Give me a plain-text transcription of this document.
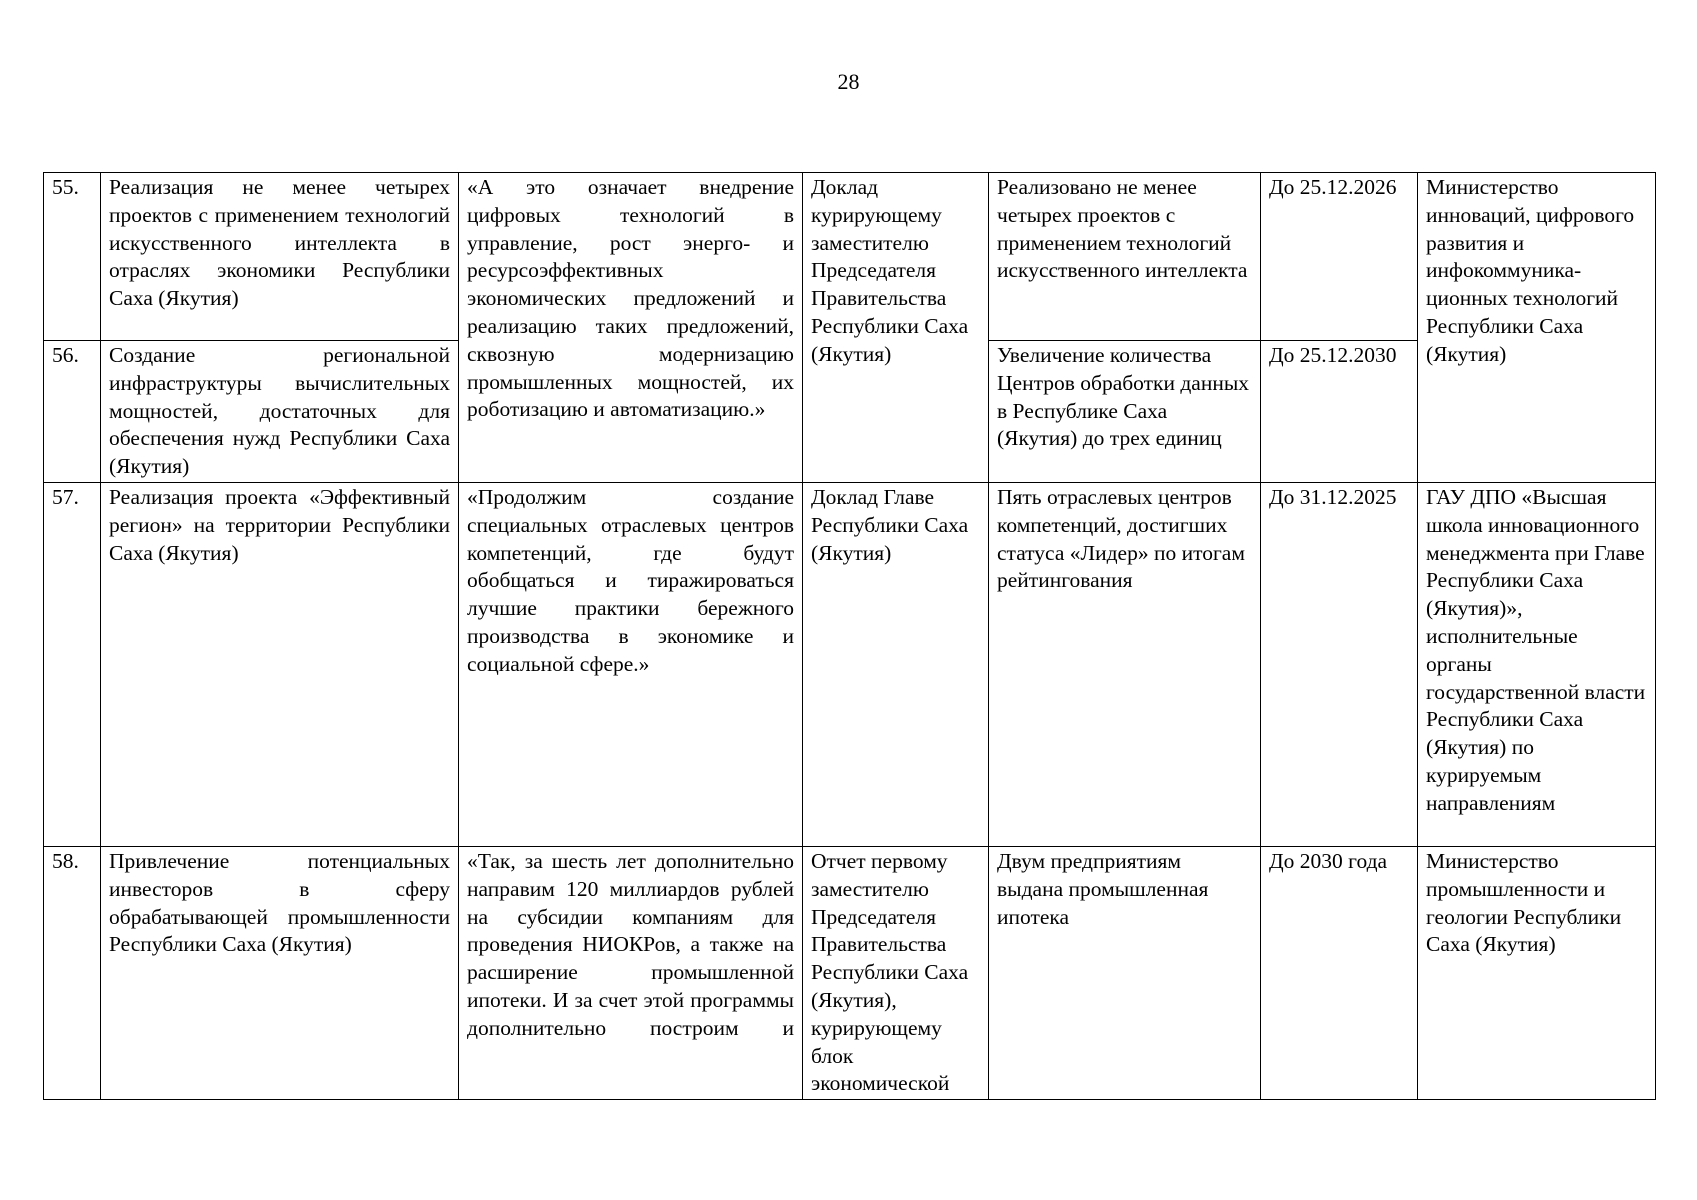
28
55.	Реализация не менее четырех проектов с применением технологий искусственного интеллекта в отраслях экономики Республики Саха (Якутия)	«А это означает внедрение цифровых технологий в управление, рост энерго- и ресурсоэффективных экономических предложений и реализацию таких предложений, сквозную модернизацию промышленных мощностей, их роботизацию и автоматизацию.»	Доклад курирующему заместителю Председателя Правительства Республики Саха (Якутия)	Реализовано не менее четырех проектов с применением технологий искусственного интеллекта	До 25.12.2026	Министерство инноваций, цифрового развития и инфокоммуника-ционных технологий Республики Саха (Якутия)
56.	Создание региональной инфраструктуры вычислительных мощностей, достаточных для обеспечения нужд Республики Саха (Якутия)			Увеличение количества Центров обработки данных в Республике Саха (Якутия) до трех единиц	До 25.12.2030	
57.	Реализация проекта «Эффективный регион» на территории Республики Саха (Якутия)	«Продолжим создание специальных отраслевых центров компетенций, где будут обобщаться и тиражироваться лучшие практики бережного производства в экономике и социальной сфере.»	Доклад Главе Республики Саха (Якутия)	Пять отраслевых центров компетенций, достигших статуса «Лидер» по итогам рейтингования	До 31.12.2025	ГАУ ДПО «Высшая школа инновационного менеджмента при Главе Республики Саха (Якутия)», исполнительные органы государственной власти Республики Саха (Якутия) по курируемым направлениям
58.	Привлечение потенциальных инвесторов в сферу обрабатывающей промышленности Республики Саха (Якутия)	«Так, за шесть лет дополнительно направим 120 миллиардов рублей на субсидии компаниям для проведения НИОКРов, а также на расширение промышленной ипотеки. И за счет этой программы дополнительно построим и	Отчет первому заместителю Председателя Правительства Республики Саха (Якутия), курирующему блок экономической	Двум предприятиям выдана промышленная ипотека	До 2030 года	Министерство промышленности и геологии Республики Саха (Якутия)
